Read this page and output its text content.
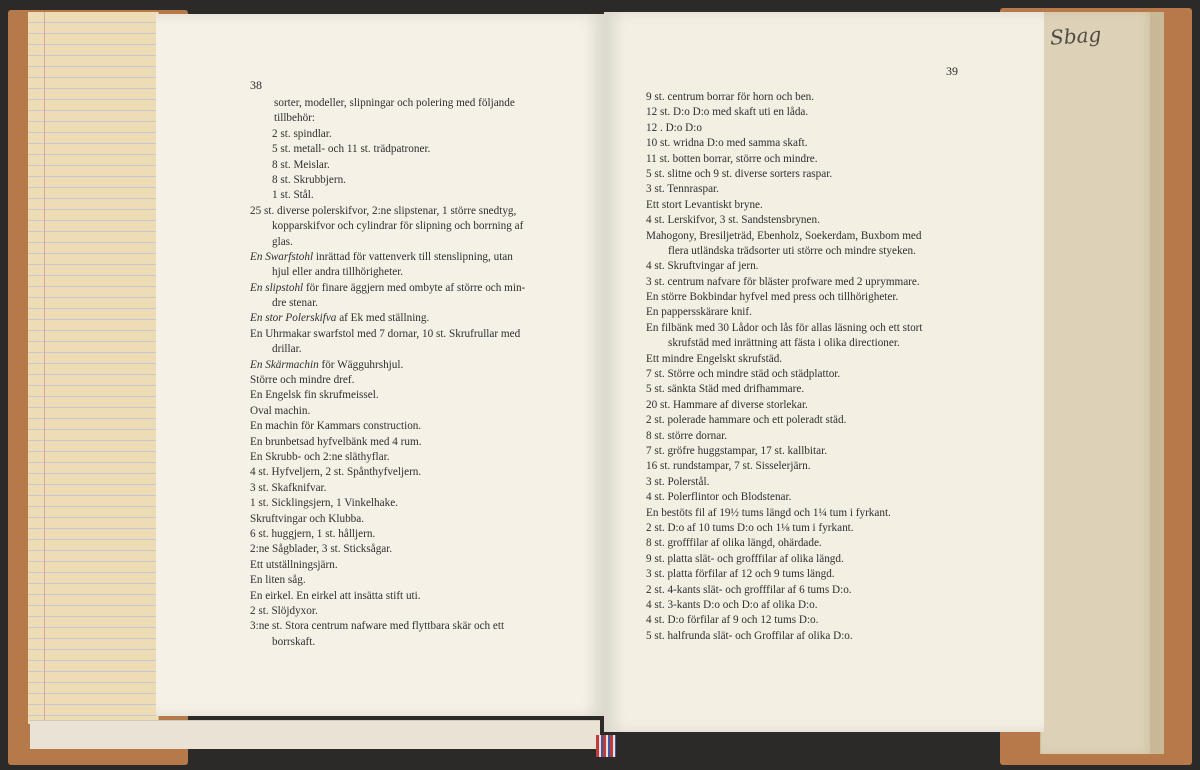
Sbag
38
sorter, modeller, slipningar och polering med följande
tillbehör:
2 st. spindlar.
5 st. metall- och 11 st. trädpatroner.
8 st. Meislar.
8 st. Skrubbjern.
1 st. Stål.
25 st. diverse polerskifvor, 2:ne slipstenar, 1 större snedtyg,
kopparskifvor och cylindrar för slipning och borrning af
glas.
En Swarfstohl inrättad för vattenverk till stenslipning, utan
hjul eller andra tillhörigheter.
En slipstohl för finare äggjern med ombyte af större och min-
dre stenar.
En stor Polerskifva af Ek med ställning.
En Uhrmakar swarfstol med 7 dornar, 10 st. Skrufrullar med
drillar.
En Skärmachin för Wägguhrshjul.
Större och mindre dref.
En Engelsk fin skrufmeissel.
Oval machin.
En machin för Kammars construction.
En brunbetsad hyfvelbänk med 4 rum.
En Skrubb- och 2:ne släthyflar.
4 st. Hyfveljern, 2 st. Spånthyfveljern.
3 st. Skafknifvar.
1 st. Sicklingsjern, 1 Vinkelhake.
Skruftvingar och Klubba.
6 st. huggjern, 1 st. hålljern.
2:ne Sågblader, 3 st. Sticksågar.
Ett utställningsjärn.
En liten såg.
En eirkel. En eirkel att insätta stift uti.
2 st. Slöjdyxor.
3:ne st. Stora centrum nafware med flyttbara skär och ett
borrskaft.
39
9 st. centrum borrar för horn och ben.
12 st. D:o D:o med skaft uti en låda.
12 . D:o D:o
10 st. wridna D:o med samma skaft.
11 st. botten borrar, större och mindre.
5 st. slitne och 9 st. diverse sorters raspar.
3 st. Tennraspar.
Ett stort Levantiskt bryne.
4 st. Lerskifvor, 3 st. Sandstensbrynen.
Mahogony, Bresiljeträd, Ebenholz, Soekerdam, Buxbom med
flera utländska trädsorter uti större och mindre styeken.
4 st. Skruftvingar af jern.
3 st. centrum nafvare för bläster profware med 2 uprymmare.
En större Bokbindar hyfvel med press och tillhörigheter.
En pappersskärare knif.
En filbänk med 30 Lådor och lås för allas läsning och ett stort
skrufstäd med inrättning att fästa i olika directioner.
Ett mindre Engelskt skrufstäd.
7 st. Större och mindre städ och städplattor.
5 st. sänkta Städ med drifhammare.
20 st. Hammare af diverse storlekar.
2 st. polerade hammare och ett poleradt städ.
8 st. större dornar.
7 st. gröfre huggstampar, 17 st. kallbitar.
16 st. rundstampar, 7 st. Sisselerjärn.
3 st. Polerstål.
4 st. Polerflintor och Blodstenar.
En bestöts fil af 19½ tums längd och 1¼ tum i fyrkant.
2 st. D:o af 10 tums D:o och 1⅛ tum i fyrkant.
8 st. grofffilar af olika längd, ohärdade.
9 st. platta slät- och grofffilar af olika längd.
3 st. platta förfilar af 12 och 9 tums längd.
2 st. 4-kants slät- och grofffilar af 6 tums D:o.
4 st. 3-kants D:o och D:o af olika D:o.
4 st. D:o förfilar af 9 och 12 tums D:o.
5 st. halfrunda slät- och Groffilar af olika D:o.
